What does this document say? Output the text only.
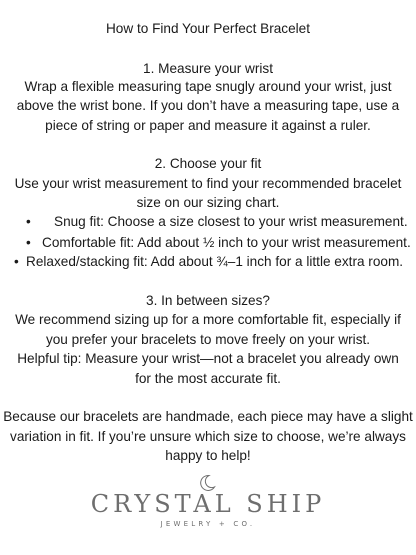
How to Find Your Perfect Bracelet
1. Measure your wrist
Wrap a flexible measuring tape snugly around your wrist, just
above the wrist bone. If you don’t have a measuring tape, use a
piece of string or paper and measure it against a ruler.
2. Choose your fit
Use your wrist measurement to find your recommended bracelet
size on our sizing chart.
• Snug fit: Choose a size closest to your wrist measurement.
• Comfortable fit: Add about ½ inch to your wrist measurement.
• Relaxed/stacking fit: Add about ¾–1 inch for a little extra room.
3. In between sizes?
We recommend sizing up for a more comfortable fit, especially if
you prefer your bracelets to move freely on your wrist.
Helpful tip: Measure your wrist—not a bracelet you already own
for the most accurate fit.
Because our bracelets are handmade, each piece may have a slight
variation in fit. If you’re unsure which size to choose, we’re always
happy to help!
CRYSTAL SHIP
JEWELRY + CO.
